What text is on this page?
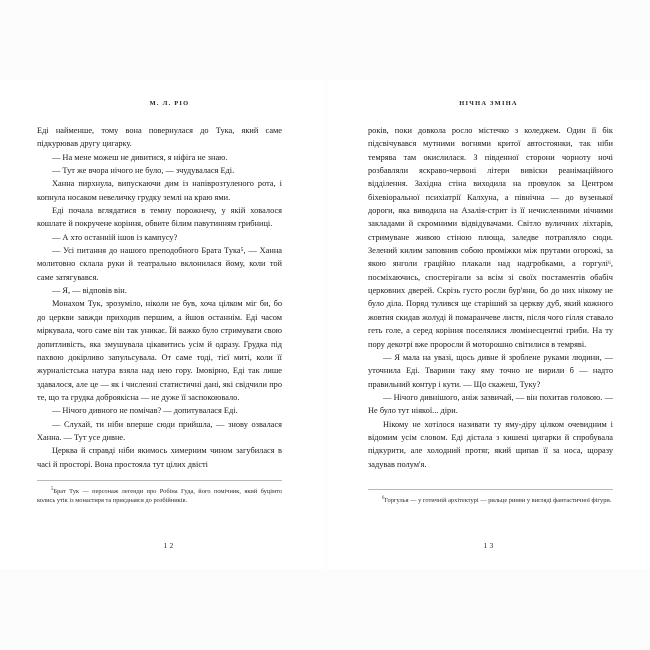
М. Л. РІО

Еді найменше, тому вона повернулася до Тука, який саме підкурював другу цигарку.

— На мене можеш не дивитися, я ніфіга не знаю.

— Тут же вчора нічого не було, — зчудувалася Еді.

Ханна пирхнула, випускаючи дим із напіврозтуленого рота, і копнула носаком невеличку грудку землі на краю ями.

Еді почала вглядатися в темну порожнечу, у якій ховалося кошлате й покручене коріння, обвите білим павутинням грибниці.

— А хто останній ішов із кампусу?

— Усі питання до нашого преподобного Брата Тука⁵, — Ханна молитовно склала руки й театрально вклонилася йому, коли той саме затягувався.

— Я, — відповів він.

Монахом Тук, зрозуміло, ніколи не був, хоча цілком міг би, бо до церкви завжди приходив першим, а йшов останнім. Еді часом міркувала, чого саме він так уникає. Їй важко було стримувати свою допитливість, яка змушувала цікавитись усім й одразу. Грудка під пахвою докірливо запульсувала. От саме тоді, тієї миті, коли її журналістська натура взяла над нею гору. Імовірно, Еді так лише здавалося, але це — як і численні статистичні дані, які свідчили про те, що та грудка доброякісна — не дуже її заспокоювало.

— Нічого дивного не помічав? — допитувалася Еді.

— Слухай, ти ніби вперше сюди прийшла, — знову озвалася Ханна. — Тут усе дивне.

Церква й справді ніби якимось химерним чином загубилася в часі й просторі. Вона простояла тут цілих двісті

$^5$Брат Тук — персонаж легенди про Робіна Гуда, його помічник, який буцімто колись утік із монастиря та приєднався до розбійників.
12
НІЧНА ЗМІНА

років, поки довкола росло містечко з коледжем. Один її бік підсвічувався мутними вогнями критої автостоянки, так ніби темрява там окислилася. З південної сторони чорноту ночі розбавляли яскраво-червоні літери вивіски реанімаційного відділення. Західна стіна виходила на провулок за Центром біхевіоральної психіатрії Калхуна, а північна — до вузенької дороги, яка виводила на Азалія-стрит із її нечисленними нічними закладами й скромними відвідувачами. Світло вуличних ліхтарів, стримуване живою стіною плюща, заледве потрапляло сюди. Зелений килим заповнив собою проміжки між прутами огорожі, за якою янголи граційно плакали над надгробками, а горгулі⁶, посміхаючись, спостерігали за всім зі своїх постаментів обабіч церковних дверей. Скрізь густо росли бур'яни, бо до них нікому не було діла. Поряд тулився ще старіший за церкву дуб, який кожного жовтня скидав жолуді й помаранчеве листя, після чого гілля ставало геть голе, а серед коріння поселялися люмінесцентні гриби. На ту пору декотрі вже проросли й моторошно світилися в темряві.

— Я мала на увазі, щось дивне й зроблене руками людини, — уточнила Еді. Тварини таку яму точно не вирили б — надто правильний контур і кути. — Що скажеш, Туку?

— Нічого дивнішого, аніж зазвичай, — він похитав головою. — Не було тут ніякої... діри.

Нікому не хотілося називати ту яму-діру цілком очевидним і відомим усім словом. Еді дістала з кишені цигарки й спробувала підкурити, але холодний протяг, який щипав її за носа, щоразу задував полум'я.

$^6$Горгулья — у готичній архітектурі — рильце ринви у вигляді фантастичної фігури.
13
